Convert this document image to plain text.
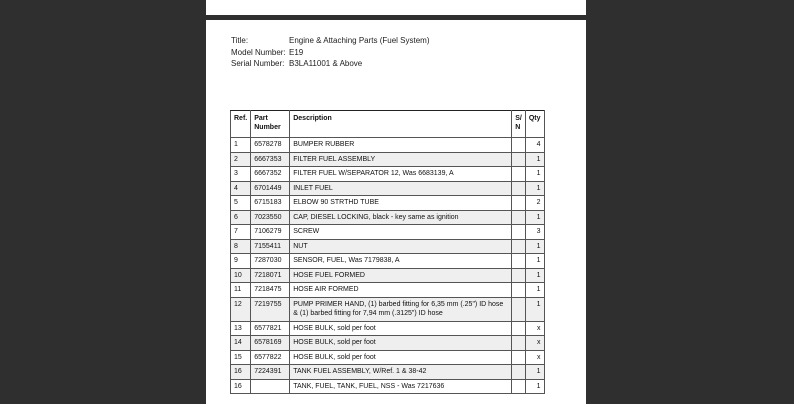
Title:	Engine & Attaching Parts (Fuel System)
Model Number: E19
Serial Number: B3LA11001 & Above
Ref.	Part Number	Description	S/ N	Qty
1	6578278	BUMPER RUBBER		4
2	6667353	FILTER FUEL ASSEMBLY		1
3	6667352	FILTER FUEL W/SEPARATOR 12, Was 6683139, A		1
4	6701449	INLET FUEL		1
5	6715183	ELBOW 90 STRTHD TUBE		2
6	7023550	CAP, DIESEL LOCKING, black - key same as ignition		1
7	7106279	SCREW		3
8	7155411	NUT		1
9	7287030	SENSOR, FUEL, Was 7179838, A		1
10	7218071	HOSE FUEL FORMED		1
11	7218475	HOSE AIR FORMED		1
12	7219755	PUMP PRIMER HAND, (1) barbed fitting for 6,35 mm (.25") ID hose & (1) barbed fitting for 7,94 mm (.3125") ID hose		1
13	6577821	HOSE BULK, sold per foot		x
14	6578169	HOSE BULK, sold per foot		x
15	6577822	HOSE BULK, sold per foot		x
16	7224391	TANK FUEL ASSEMBLY, W/Ref. 1 & 38-42		1
16		TANK, FUEL, TANK, FUEL, NSS - Was 7217636		1
